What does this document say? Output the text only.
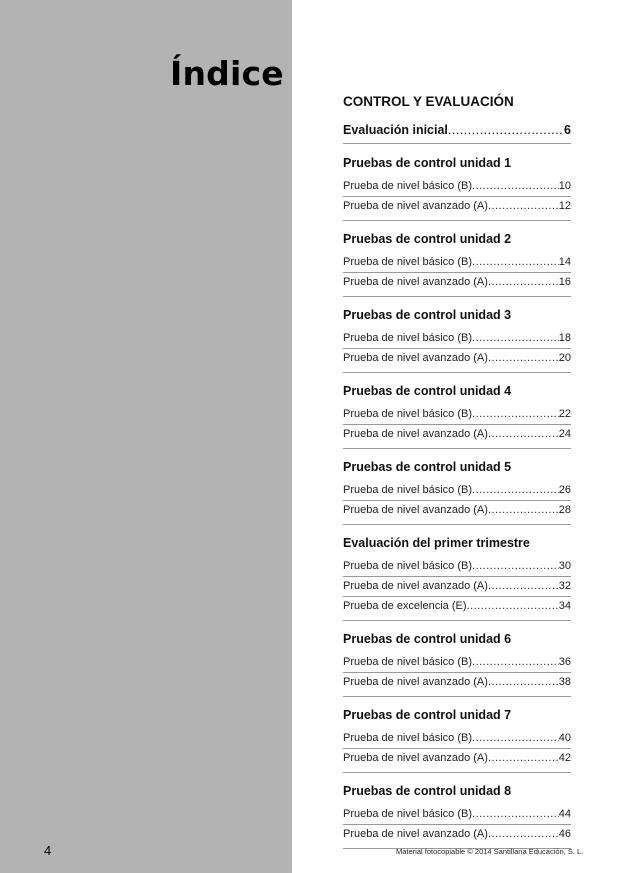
Índice
4
CONTROL Y EVALUACIÓN
Evaluación inicial .....	6
Pruebas de control unidad 1
Prueba de nivel básico (B) .....	10
Prueba de nivel avanzado (A) .....	12
Pruebas de control unidad 2
Prueba de nivel básico (B) .....	14
Prueba de nivel avanzado (A) .....	16
Pruebas de control unidad 3
Prueba de nivel básico (B) .....	18
Prueba de nivel avanzado (A) .....	20
Pruebas de control unidad 4
Prueba de nivel básico (B) .....	22
Prueba de nivel avanzado (A) .....	24
Pruebas de control unidad 5
Prueba de nivel básico (B) .....	26
Prueba de nivel avanzado (A) .....	28
Evaluación del primer trimestre
Prueba de nivel básico (B) .....	30
Prueba de nivel avanzado (A) .....	32
Prueba de excelencia (E) .....	34
Pruebas de control unidad 6
Prueba de nivel básico (B) .....	36
Prueba de nivel avanzado (A) .....	38
Pruebas de control unidad 7
Prueba de nivel básico (B) .....	40
Prueba de nivel avanzado (A) .....	42
Pruebas de control unidad 8
Prueba de nivel básico (B) .....	44
Prueba de nivel avanzado (A) .....	46
Material fotocopiable © 2014 Santillana Educación, S. L.
